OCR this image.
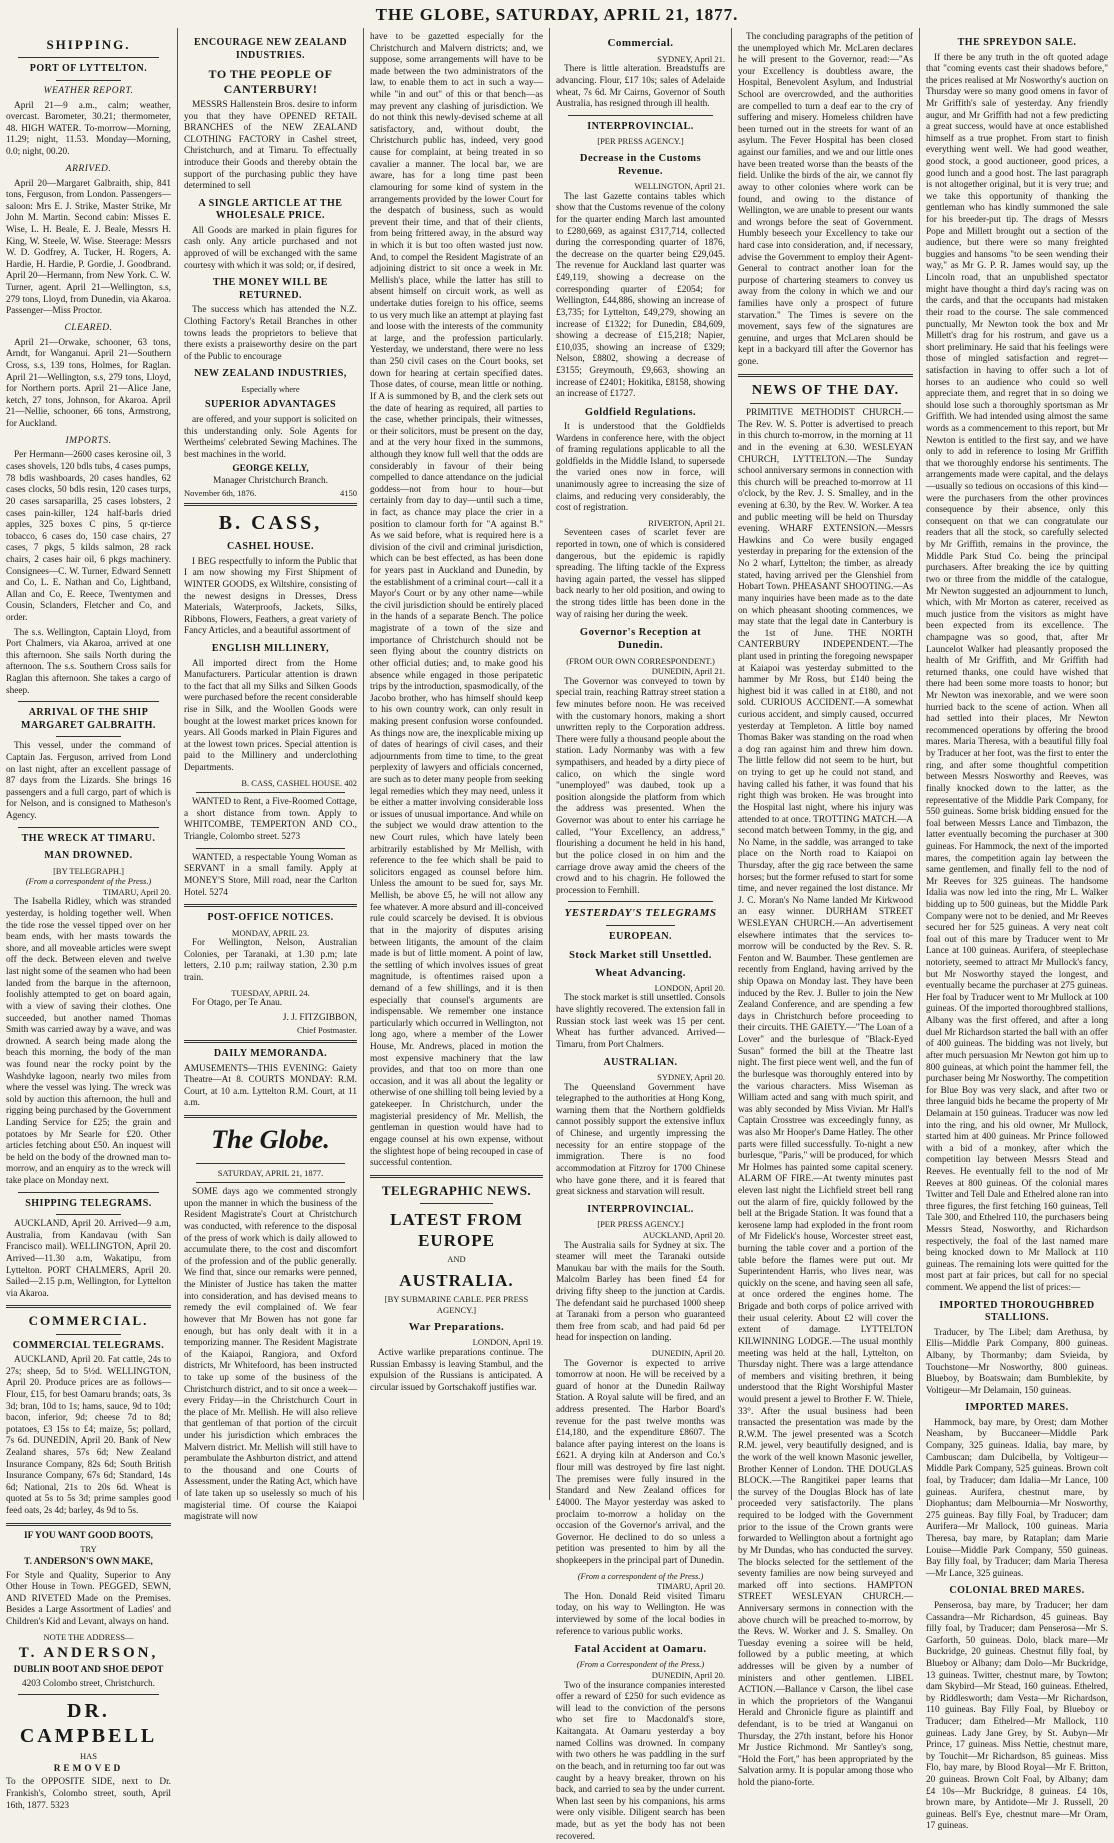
THE GLOBE, SATURDAY, APRIL 21, 1877.
SHIPPING.
PORT OF LYTTELTON.
WEATHER REPORT.

April 21—9 a.m., calm; weather, overcast. Barometer, 30.21; thermometer, 48. HIGH WATER. To-morrow—Morning, 11.29; night, 11.53. Monday—Morning, 0.0; night, 00.20.

ARRIVED.

April 20—Margaret Galbraith, ship, 841 tons, Ferguson, from London. Passengers—saloon: Mrs E. J. Strike, Master Strike, Mr John M. Martin. Second cabin: Misses E. Wise, L. H. Beale, E. J. Beale, Messrs H. King, W. Steele, W. Wise. Steerage: Messrs W. D. Godfrey, A. Tucker, H. Rogers, A. Hardie, H. Hardie, P. Gordie, J. Goodbrand. April 20—Hermann, from New York. C. W. Turner, agent. April 21—Wellington, s.s, 279 tons, Lloyd, from Dunedin, via Akaroa. Passenger—Miss Proctor.

CLEARED.

April 21—Orwake, schooner, 63 tons, Arndt, for Wanganui. April 21—Southern Cross, s.s, 139 tons, Holmes, for Raglan. April 21—Wellington, s.s, 279 tons, Lloyd, for Northern ports. April 21—Alice Jane, ketch, 27 tons, Johnson, for Akaroa. April 21—Nellie, schooner, 66 tons, Armstrong, for Auckland.

IMPORTS.

Per Hermann—2600 cases kerosine oil, 3 cases shovels, 120 bdls tubs, 4 cases pumps, 78 bdls washboards, 20 cases handles, 62 cases clocks, 50 bdls resin, 120 cases turps, 20 cases sarsaparilla, 25 cases lobsters, 2 cases pain-killer, 124 half-barls dried apples, 325 boxes C pins, 5 qr-tierce tobacco, 6 cases do, 150 case chairs, 27 cases, 7 pkgs, 5 kilds salmon, 28 rack chairs, 2 cases hair oil, 6 pkgs machinery. Consignees—C. W. Turner, Edward Sennett and Co, L. E. Nathan and Co, Lightband, Allan and Co, E. Reece, Twentymen and Cousin, Sclanders, Fletcher and Co, and order.

The s.s. Wellington, Captain Lloyd, from Port Chalmers, via Akaroa, arrived at one this afternoon. She sails North during the afternoon. The s.s. Southern Cross sails for Raglan this afternoon. She takes a cargo of sheep.

ARRIVAL OF THE SHIP MARGARET GALBRAITH.

This vessel, under the command of Captain Jas. Ferguson, arrived from Lond on last night, after an excellent passage of 87 days from the Lizards. She brings 16 passengers and a full cargo, part of which is for Nelson, and is consigned to Matheson's Agency.

THE WRECK AT TIMARU.
MAN DROWNED.
[BY TELEGRAPH.]
(From a correspondent of the Press.)
TIMARU, April 20.

The Isabella Ridley, which was stranded yesterday, is holding together well. When the tide rose the vessel tipped over on her beam ends, with her masts towards the shore, and all moveable articles were swept off the deck. Between eleven and twelve last night some of the seamen who had been landed from the barque in the afternoon, foolishly attempted to get on board again, with a view of saving their clothes. One succeeded, but another named Thomas Smith was carried away by a wave, and was drowned. A search being made along the beach this morning, the body of the man was found near the rocky point by the Washdyke lagoon, nearly two miles from where the vessel was lying. The wreck was sold by auction this afternoon, the hull and rigging being purchased by the Government Landing Service for £25; the grain and potatoes by Mr Searle for £20. Other articles fetching about £50. An inquest will be held on the body of the drowned man to-morrow, and an enquiry as to the wreck will take place on Monday next.

SHIPPING TELEGRAMS.

AUCKLAND, April 20. Arrived—9 a.m, Australia, from Kandavau (with San Francisco mail). WELLINGTON, April 20. Arrived—11.30 a.m, Wakatipu, from Lyttelton. PORT CHALMERS, April 20. Sailed—2.15 p.m, Wellington, for Lyttelton via Akaroa.

COMMERCIAL.
COMMERCIAL TELEGRAMS.

AUCKLAND, April 20. Fat cattle, 24s to 27s; sheep, 5d to 5½d. WELLINGTON, April 20. Produce prices are as follows—Flour, £15, for best Oamaru brands; oats, 3s 3d; bran, 10d to 1s; hams, sauce, 9d to 10d; bacon, inferior, 9d; cheese 7d to 8d; potatoes, £3 15s to £4; maize, 5s; pollard, 7s 6d. DUNEDIN, April 20. Bank of New Zealand shares, 57s 6d; New Zealand Insurance Company, 82s 6d; South British Insurance Company, 67s 6d; Standard, 14s 6d; National, 21s to 20s 6d. Wheat is quoted at 5s to 5s 3d; prime samples good feed oats, 2s 4d; barley, 4s 9d to 5s.

IF YOU WANT GOOD BOOTS,
TRY
T. ANDERSON'S OWN MAKE,

For Style and Quality, Superior to Any Other House in Town. PEGGED, SEWN, AND RIVETED Made on the Premises. Besides a Large Assortment of Ladies' and Children's Kid and Levant, always on hand.

NOTE THE ADDRESS—
T. ANDERSON,
DUBLIN BOOT AND SHOE DEPOT
4203 Colombo street, Christchurch.
DR. CAMPBELL
HAS
REMOVED

To the OPPOSITE SIDE, next to Dr. Frankish's, Colombo street, south, April 16th, 1877. 5323

ENCOURAGE NEW ZEALAND INDUSTRIES.
TO THE PEOPLE OF CANTERBURY!

MESSRS Hallenstein Bros. desire to inform you that they have OPENED RETAIL BRANCHES of the NEW ZEALAND CLOTHING FACTORY in Cashel street, Christchurch, and at Timaru. To effectually introduce their Goods and thereby obtain the support of the purchasing public they have determined to sell

A SINGLE ARTICLE AT THE WHOLESALE PRICE.

All Goods are marked in plain figures for cash only. Any article purchased and not approved of will be exchanged with the same courtesy with which it was sold; or, if desired,

THE MONEY WILL BE RETURNED.

The success which has attended the N.Z. Clothing Factory's Retail Branches in other towns leads the proprietors to believe that there exists a praiseworthy desire on the part of the Public to encourage

NEW ZEALAND INDUSTRIES,
Especially where
SUPERIOR ADVANTAGES

are offered, and your support is solicited on this understanding only. Sole Agents for Wertheims' celebrated Sewing Machines. The best machines in the world.

GEORGE KELLY,
Manager Christchurch Branch.
November 6th, 1876.	4150
B. CASS,
CASHEL HOUSE.

I BEG respectfully to inform the Public that I am now showing my First Shipment of WINTER GOODS, ex Wiltshire, consisting of the newest designs in Dresses, Dress Materials, Waterproofs, Jackets, Silks, Ribbons, Flowers, Feathers, a great variety of Fancy Articles, and a beautiful assortment of

ENGLISH MILLINERY,

All imported direct from the Home Manufacturers. Particular attention is drawn to the fact that all my Silks and Silken Goods were purchased before the recent considerable rise in Silk, and the Woollen Goods were bought at the lowest market prices known for years. All Goods marked in Plain Figures and at the lowest town prices. Special attention is paid to the Millinery and underclothing Departments.

B. CASS, CASHEL HOUSE. 402

WANTED to Rent, a Five-Roomed Cottage, a short distance from town. Apply to WHITCOMBE, TEMPERTON AND CO., Triangle, Colombo street. 5273

WANTED, a respectable Young Woman as SERVANT in a small family. Apply at MONEY'S Store, Mill road, near the Carlton Hotel. 5274

POST-OFFICE NOTICES.
MONDAY, APRIL 23.

For Wellington, Nelson, Australian Colonies, per Taranaki, at 1.30 p.m; late letters, 2.10 p.m; railway station, 2.30 p.m train.

TUESDAY, APRIL 24.

For Otago, per Te Anau.

J. J. FITZGIBBON,
Chief Postmaster.
DAILY MEMORANDA.

AMUSEMENTS—THIS EVENING: Gaiety Theatre—At 8. COURTS MONDAY: R.M. Court, at 10 a.m. Lyttelton R.M. Court, at 11 a.m.

The Globe.
SATURDAY, APRIL 21, 1877.

SOME days ago we commented strongly upon the manner in which the business of the Resident Magistrate's Court at Christchurch was conducted, with reference to the disposal of the press of work which is daily allowed to accumulate there, to the cost and discomfort of the profession and of the public generally. We find that, since our remarks were penned, the Minister of Justice has taken the matter into consideration, and has devised means to remedy the evil complained of. We fear however that Mr Bowen has not gone far enough, but has only dealt with it in a temporizing manner. The Resident Magistrate of the Kaiapoi, Rangiora, and Oxford districts, Mr Whitefoord, has been instructed to take up some of the business of the Christchurch district, and to sit once a week—every Friday—in the Christchurch Court in the place of Mr. Mellish. He will also relieve that gentleman of that portion of the circuit under his jurisdiction which embraces the Malvern district. Mr. Mellish will still have to perambulate the Ashburton district, and attend to the thousand and one Courts of Assessment, under the Rating Act, which have of late taken up so uselessly so much of his magisterial time. Of course the Kaiapoi magistrate will now

have to be gazetted especially for the Christchurch and Malvern districts; and, we suppose, some arrangements will have to be made between the two administrators of the law, to enable them to act in such a way—while "in and out" of this or that bench—as may prevent any clashing of jurisdiction. We do not think this newly-devised scheme at all satisfactory, and, without doubt, the Christchurch public has, indeed, very good cause for complaint, at being treated in so cavalier a manner. The local bar, we are aware, has for a long time past been clamouring for some kind of system in the arrangements provided by the lower Court for the despatch of business, such as would prevent their time, and that of their clients, from being frittered away, in the absurd way in which it is but too often wasted just now. And, to compel the Resident Magistrate of an adjoining district to sit once a week in Mr. Mellish's place, while the latter has still to absent himself on circuit work, as well as undertake duties foreign to his office, seems to us very much like an attempt at playing fast and loose with the interests of the community at large, and the profession particularly. Yesterday, we understand, there were no less than 250 civil cases on the Court books, set down for hearing at certain specified dates. Those dates, of course, mean little or nothing. If A is summoned by B, and the clerk sets out the date of hearing as required, all parties to the case, whether principals, their witnesses, or their solicitors, must be present on the day, and at the very hour fixed in the summons, although they know full well that the odds are considerably in favour of their being compelled to dance attendance on the judicial goddess—not from hour to hour—but certainly from day to day—until such a time, in fact, as chance may place the crier in a position to clamour forth for "A against B." As we said before, what is required here is a division of the civil and criminal jurisdiction, which can be best effected, as has been done for years past in Auckland and Dunedin, by the establishment of a criminal court—call it a Mayor's Court or by any other name—while the civil jurisdiction should be entirely placed in the hands of a separate Bench. The police magistrate of a town of the size and importance of Christchurch should not be seen flying about the country districts on other official duties; and, to make good his absence while engaged in those peripatetic trips by the introduction, spasmodically, of the Jacobo brother, who has himself should keep to his own country work, can only result in making present confusion worse confounded. As things now are, the inexplicable mixing up of dates of hearings of civil cases, and their adjournments from time to time, to the great perplexity of lawyers and officials concerned, are such as to deter many people from seeking legal remedies which they may need, unless it be either a matter involving considerable loss or issues of unusual importance. And while on the subject we would draw attention to the new Court rules, which have lately been arbitrarily established by Mr Mellish, with reference to the fee which shall be paid to solicitors engaged as counsel before him. Unless the amount to be sued for, says Mr. Mellish, be above £5, he will not allow any fee whatever. A more absurd and ill-conceived rule could scarcely be devised. It is obvious that in the majority of disputes arising between litigants, the amount of the claim made is but of little moment. A point of law, the settling of which involves issues of great magnitude, is oftentimes raised upon a demand of a few shillings, and it is then especially that counsel's arguments are indispensable. We remember one instance particularly which occurred in Wellington, not long ago, where a member of the Lower House, Mr. Andrews, placed in motion the most expensive machinery that the law provides, and that too on more than one occasion, and it was all about the legality or otherwise of one shilling toll being levied by a gatekeeper. In Christchurch, under the magisterial presidency of Mr. Mellish, the gentleman in question would have had to engage counsel at his own expense, without the slightest hope of being recouped in case of successful contention.

TELEGRAPHIC NEWS.
LATEST FROM EUROPE
AND
AUSTRALIA.
[BY SUBMARINE CABLE. PER PRESS AGENCY.]
War Preparations.
LONDON, April 19.

Active warlike preparations continue. The Russian Embassy is leaving Stambul, and the expulsion of the Russians is anticipated. A circular issued by Gortschakoff justifies war.

Commercial.
SYDNEY, April 21.

There is little alteration. Breadstuffs are advancing. Flour, £17 10s; sales of Adelaide wheat, 7s 6d. Mr Cairns, Governor of South Australia, has resigned through ill health.

INTERPROVINCIAL.
[PER PRESS AGENCY.]
Decrease in the Customs Revenue.
WELLINGTON, April 21.

The last Gazette contains tables which show that the Customs revenue of the colony for the quarter ending March last amounted to £280,669, as against £317,714, collected during the corresponding quarter of 1876, the decrease on the quarter being £29,045. The revenue for Auckland last quarter was £49,119, showing a decrease on the corresponding quarter of £2054; for Wellington, £44,886, showing an increase of £3,735; for Lyttelton, £49,279, showing an increase of £1322; for Dunedin, £84,609, showing a decrease of £15,218; Napier, £10,035, showing an increase of £329; Nelson, £8802, showing a decrease of £3155; Greymouth, £9,663, showing an increase of £2401; Hokitika, £8158, showing an increase of £1727.

Goldfield Regulations.

It is understood that the Goldfields Wardens in conference here, with the object of framing regulations applicable to all the goldfields in the Middle Island, to supersede the varied ones now in force, will unanimously agree to increasing the size of claims, and reducing very considerably, the cost of registration.

RIVERTON, April 21.

Seventeen cases of scarlet fever are reported in town, one of which is considered dangerous, but the epidemic is rapidly spreading. The lifting tackle of the Express having again parted, the vessel has slipped back nearly to her old position, and owing to the strong tides little has been done in the way of raising her during the week.

Governor's Reception at Dunedin.
(FROM OUR OWN CORRESPONDENT.)
DUNEDIN, April 21.

The Governor was conveyed to town by special train, reaching Rattray street station a few minutes before noon. He was received with the customary honors, making a short unwritten reply to the Corporation address. There were fully a thousand people about the station. Lady Normanby was with a few sympathisers, and headed by a dirty piece of calico, on which the single word "unemployed" was daubed, took up a position alongside the platform from which the address was presented. When the Governor was about to enter his carriage he called, "Your Excellency, an address," flourishing a document he held in his hand, but the police closed in on him and the carriage drove away amid the cheers of the crowd and to his chagrin. He followed the procession to Fernhill.

YESTERDAY'S TELEGRAMS
EUROPEAN.
Stock Market still Unsettled.
Wheat Advancing.
LONDON, April 20.

The stock market is still unsettled. Consols have slightly recovered. The extension fall in Russian stock last week was 15 per cent. Wheat has further advanced. Arrived—Timaru, from Port Chalmers.

AUSTRALIAN.
SYDNEY, April 20.

The Queensland Government have telegraphed to the authorities at Hong Kong, warning them that the Northern goldfields cannot possibly support the extensive influx of Chinese, and urgently impressing the necessity for an entire stoppage of the immigration. There is no food accommodation at Fitzroy for 1700 Chinese who have gone there, and it is feared that great sickness and starvation will result.

INTERPROVINCIAL.
[PER PRESS AGENCY.]
AUCKLAND, April 20.

The Australia sails for Sydney at six. The steamer will meet the Taranaki outside Manukau bar with the mails for the South. Malcolm Barley has been fined £4 for driving fifty sheep to the junction at Cardis. The defendant said he purchased 1000 sheep at Taranaki from a person who guaranteed them free from scab, and had paid 6d per head for inspection on landing.

DUNEDIN, April 20.

The Governor is expected to arrive tomorrow at noon. He will be received by a guard of honor at the Dunedin Railway Station. A Royal salute will be fired, and an address presented. The Harbor Board's revenue for the past twelve months was £14,180, and the expenditure £8607. The balance after paying interest on the loans is £621. A drying kiln at Anderson and Co.'s flour mill was destroyed by fire last night. The premises were fully insured in the Standard and New Zealand offices for £4000. The Mayor yesterday was asked to proclaim to-morrow a holiday on the occasion of the Governor's arrival, and the Governor. He declined to do so unless a petition was presented to him by all the shopkeepers in the principal part of Dunedin.

(From a correspondent of the Press.)
TIMARU, April 20.

The Hon. Donald Reid visited Timaru today, on his way to Wellington. He was interviewed by some of the local bodies in reference to various public works.

Fatal Accident at Oamaru.
(From a Correspondent of the Press.)
DUNEDIN, April 20.

Two of the insurance companies interested offer a reward of £250 for such evidence as will lead to the conviction of the persons who set fire to Macdonald's store, Kaitangata. At Oamaru yesterday a boy named Collins was drowned. In company with two others he was paddling in the surf on the beach, and in returning too far out was caught by a heavy breaker, thrown on his back, and carried to sea by the under current. When last seen by his companions, his arms were only visible. Diligent search has been made, but as yet the body has not been recovered.

The concluding paragraphs of the petition of the unemployed which Mr. McLaren declares he will present to the Governor, read:—"As your Excellency is doubtless aware, the Hospital, Benevolent Asylum, and Industrial School are overcrowded, and the authorities are compelled to turn a deaf ear to the cry of suffering and misery. Homeless children have been turned out in the streets for want of an asylum. The Fever Hospital has been closed against our families, and we and our little ones have been treated worse than the beasts of the field. Unlike the birds of the air, we cannot fly away to other colonies where work can be found, and owing to the distance of Wellington, we are unable to present our wants and wrongs before the seat of Government. Humbly beseech your Excellency to take our hard case into consideration, and, if necessary, advise the Government to employ their Agent-General to contract another loan for the purpose of chartering steamers to convey us away from the colony in which we and our families have only a prospect of future starvation." The Times is severe on the movement, says few of the signatures are genuine, and urges that McLaren should be kept in a backyard till after the Governor has gone.

NEWS OF THE DAY.

PRIMITIVE METHODIST CHURCH.—The Rev. W. S. Potter is advertised to preach in this church to-morrow, in the morning at 11 and in the evening at 6.30. WESLEYAN CHURCH, LYTTELTON.—The Sunday school anniversary sermons in connection with this church will be preached to-morrow at 11 o'clock, by the Rev. J. S. Smalley, and in the evening at 6.30, by the Rev. W. Worker. A tea and public meeting will be held on Thursday evening. WHARF EXTENSION.—Messrs Hawkins and Co were busily engaged yesterday in preparing for the extension of the No 2 wharf, Lyttelton; the timber, as already stated, having arrived per the Glenshiel from Hobart Town. PHEASANT SHOOTING.—As many inquiries have been made as to the date on which pheasant shooting commences, we may state that the legal date in Canterbury is the 1st of June. THE NORTH CANTERBURY INDEPENDENT.—The plant used in printing the foregoing newspaper at Kaiapoi was yesterday submitted to the hammer by Mr Ross, but £140 being the highest bid it was called in at £180, and not sold. CURIOUS ACCIDENT.—A somewhat curious accident, and simply caused, occurred yesterday at Templeton. A little boy named Thomas Baker was standing on the road when a dog ran against him and threw him down. The little fellow did not seem to be hurt, but on trying to get up he could not stand, and having called his father, it was found that his right thigh was broken. He was brought into the Hospital last night, where his injury was attended to at once. TROTTING MATCH.—A second match between Tommy, in the gig, and No Name, in the saddle, was arranged to take place on the North road to Kaiapoi on Thursday, after the gig race between the same horses; but the former refused to start for some time, and never regained the lost distance. Mr J. C. Moran's No Name landed Mr Kirkwood an easy winner. DURHAM STREET WESLEYAN CHURCH.—An advertisement elsewhere intimates that the services to-morrow will be conducted by the Rev. S. R. Fenton and W. Baumber. These gentlemen are recently from England, having arrived by the ship Opawa on Monday last. They have been induced by the Rev. J. Buller to join the New Zealand Conference, and are spending a few days in Christchurch before proceeding to their circuits. THE GAIETY.—"The Loan of a Lover" and the burlesque of "Black-Eyed Susan" formed the bill at the Theatre last night. The first piece went well, and the fun of the burlesque was thoroughly entered into by the various characters. Miss Wiseman as William acted and sang with much spirit, and was ably seconded by Miss Vivian. Mr Hall's Captain Crosstree was exceedingly funny, as was also Mr Hooper's Dame Hatley. The other parts were filled successfully. To-night a new burlesque, "Paris," will be produced, for which Mr Holmes has painted some capital scenery. ALARM OF FIRE.—At twenty minutes past eleven last night the Lichfield street bell rang out the alarm of fire, quickly followed by the bell at the Brigade Station. It was found that a kerosene lamp had exploded in the front room of Mr Fidelick's house, Worcester street east, burning the table cover and a portion of the table before the flames were put out. Mr Superintendent Harris, who lives near, was quickly on the scene, and having seen all safe, at once ordered the engines home. The Brigade and both corps of police arrived with their usual celerity. About £2 will cover the extent of damage. LYTTELTON KILWINNING LODGE.—The usual monthly meeting was held at the hall, Lyttelton, on Thursday night. There was a large attendance of members and visiting brethren, it being understood that the Right Worshipful Master would present a jewel to Brother F. W. Thiele, 33°. After the usual business had been transacted the presentation was made by the R.W.M. The jewel presented was a Scotch R.M. jewel, very beautifully designed, and is the work of the well known Masonic jeweller, Brother Kenner of London. THE DOUGLAS BLOCK.—The Rangitikei paper learns that the survey of the Douglas Block has of late proceeded very satisfactorily. The plans required to be lodged with the Government prior to the issue of the Crown grants were forwarded to Wellington about a fortnight ago by Mr Dundas, who has conducted the survey. The blocks selected for the settlement of the seventy families are now being surveyed and marked off into sections. HAMPTON STREET WESLEYAN CHURCH.—Anniversary sermons in connection with the above church will be preached to-morrow, by the Revs. W. Worker and J. S. Smalley. On Tuesday evening a soiree will be held, followed by a public meeting, at which addresses will be given by a number of ministers and other gentlemen. LIBEL ACTION.—Ballance v Carson, the libel case in which the proprietors of the Wanganui Herald and Chronicle figure as plaintiff and defendant, is to be tried at Wanganui on Thursday, the 27th instant, before his Honor Mr Justice Richmond. Mr Santley's song, "Hold the Fort," has been appropriated by the Salvation army. It is popular among those who hold the piano-forte.

THE SPREYDON SALE.

If there be any truth in the oft quoted adage that "coming events cast their shadows before," the prices realised at Mr Nosworthy's auction on Thursday were so many good omens in favor of Mr Griffith's sale of yesterday. Any friendly augur, and Mr Griffith had not a few predicting a great success, would have at once established himself as a true prophet. From start to finish everything went well. We had good weather, good stock, a good auctioneer, good prices, a good lunch and a good host. The last paragraph is not altogether original, but it is very true; and we take this opportunity of thanking the gentleman who has kindly summoned the sale for his breeder-put tip. The drags of Messrs Pope and Millett brought out a section of the audience, but there were so many freighted buggies and hansoms "to be seen wending their way," as Mr G. P. R. James would say, up the Lincoln road, that an unpublished spectator might have thought a third day's racing was on the cards, and that the occupants had mistaken their road to the course. The sale commenced punctually, Mr Newton took the box and Mr Millett's drag for his rostrum, and gave us a short preliminary. He said that his feelings were those of mingled satisfaction and regret—satisfaction in having to offer such a lot of horses to an audience who could so well appreciate them, and regret that in so doing we should lose such a thoroughly sportsman as Mr Griffith. We had intended using almost the same words as a commencement to this report, but Mr Newton is entitled to the first say, and we have only to add in reference to losing Mr Griffith that we thoroughly endorse his sentiments. The arrangements made were capital, and the delays—usually so tedious on occasions of this kind—were the purchasers from the other provinces consequence by their absence, only this consequent on that we can congratulate our readers that all the stock, so carefully selected by Mr Griffith, remains in the province, the Middle Park Stud Co. being the principal purchasers. After breaking the ice by quitting two or three from the middle of the catalogue, Mr Newton suggested an adjournment to lunch, which, with Mr Morton as caterer, received as much justice from the visitors as might have been expected from its excellence. The champagne was so good, that, after Mr Launcelot Walker had pleasantly proposed the health of Mr Griffith, and Mr Griffith had returned thanks, one could have wished that there had been some more toasts to honor; but Mr Newton was inexorable, and we were soon hurried back to the scene of action. When all had settled into their places, Mr Newton recommenced operations by offering the brood mares. Maria Theresa, with a beautiful filly foal by Traducer at her foot, was the first to enter the ring, and after some thoughtful competition between Messrs Nosworthy and Reeves, was finally knocked down to the latter, as the representative of the Middle Park Company, for 550 guineas. Some brisk bidding ensued for the foal between Messrs Lance and Timbazon, the latter eventually becoming the purchaser at 300 guineas. For Hammock, the next of the imported mares, the competition again lay between the same gentlemen, and finally fell to the nod of Mr Reeves for 325 guineas. The handsome Idalia was now led into the ring, Mr L. Walker bidding up to 500 guineas, but the Middle Park Company were not to be denied, and Mr Reeves secured her for 525 guineas. A very neat colt foal out of this mare by Traducer went to Mr Lance at 100 guineas. Auriferа, of steeplechase notoriety, seemed to attract Mr Mullock's fancy, but Mr Nosworthy stayed the longest, and eventually became the purchaser at 275 guineas. Her foal by Traducer went to Mr Mullock at 100 guineas. Of the imported thoroughbred stallions, Albany was the first offered, and after a long duel Mr Richardson started the ball with an offer of 400 guineas. The bidding was not lively, but after much persuasion Mr Newton got him up to 800 guineas, at which point the hammer fell, the purchaser being Mr Nosworthy. The competition for Blue Boy was very slack, and after two or three languid bids he became the property of Mr Delamain at 150 guineas. Traducer was now led into the ring, and his old owner, Mr Mullock, started him at 400 guineas. Mr Prince followed with a bid of a monkey, after which the competition lay between Messrs Stead and Reeves. He eventually fell to the nod of Mr Reeves at 800 guineas. Of the colonial mares Twitter and Tell Dale and Ethelred alone ran into three figures, the first fetching 160 guineas, Tell Tale 300, and Ethelred 110, the purchasers being Messrs Stead, Nosworthy, and Richardson respectively, the foal of the last named mare being knocked down to Mr Mallock at 110 guineas. The remaining lots were quitted for the most part at fair prices, but call for no special comment. We append the list of prices:—

IMPORTED THOROUGHBRED STALLIONS.

Traducer, by The Libel; dam Arethusa, by Ellis—Middle Park Company, 800 guineas. Albany, by Thormanby; dam Svieida, by Touchstone—Mr Nosworthy, 800 guineas. Blueboy, by Boatswain; dam Bumblekite, by Voltigeur—Mr Delamain, 150 guineas.

IMPORTED MARES.

Hammock, bay mare, by Orest; dam Mother Neasham, by Buccaneer—Middle Park Company, 325 guineas. Idalia, bay mare, by Cambuscan; dam Dulcibella, by Voltigeur—Middle Park Company, 525 guineas. Brown colt foal, by Traducer; dam Idalia—Mr Lance, 100 guineas. Auriferа, chestnut mare, by Diophantus; dam Melbournia—Mr Nosworthy, 275 guineas. Bay filly Foal, by Traducer; dam Aurifera—Mr Mallock, 100 guineas. Maria Theresa, bay mare, by Rataplan; dam Marie Louise—Middle Park Company, 550 guineas. Bay filly foal, by Traducer; dam Maria Theresa—Mr Lance, 325 guineas.

COLONIAL BRED MARES.

Penserosa, bay mare, by Traducer; her dam Cassandra—Mr Richardson, 45 guineas. Bay filly foal, by Traducer; dam Penserosa—Mr S. Garforth, 50 guineas. Dolo, black mare—Mr Buckridge, 20 guineas. Chestnut filly foal, by Blueboy or Albany; dam Dolo—Mr Buckridge, 13 guineas. Twitter, chestnut mare, by Towton; dam Skybird—Mr Stead, 160 guineas. Ethelred, by Riddlesworth; dam Vesta—Mr Richardson, 110 guineas. Bay Filly Foal, by Blueboy or Traducer; dam Ethelred—Mr Mallock, 110 guineas. Lady Jane Grey, by St. Aubyn—Mr Prince, 17 guineas. Miss Nettie, chestnut mare, by Touchit—Mr Richardson, 85 guineas. Miss Flo, bay mare, by Blood Royal—Mr F. Britton, 20 guineas. Brown Colt Foal, by Albany; dam £4 10s—Mr Buckridge, 8 guineas. £4 10s, brown mare, by Antidote—Mr J. Russell, 20 guineas. Bell's Eye, chestnut mare—Mr Oram, 17 guineas.
